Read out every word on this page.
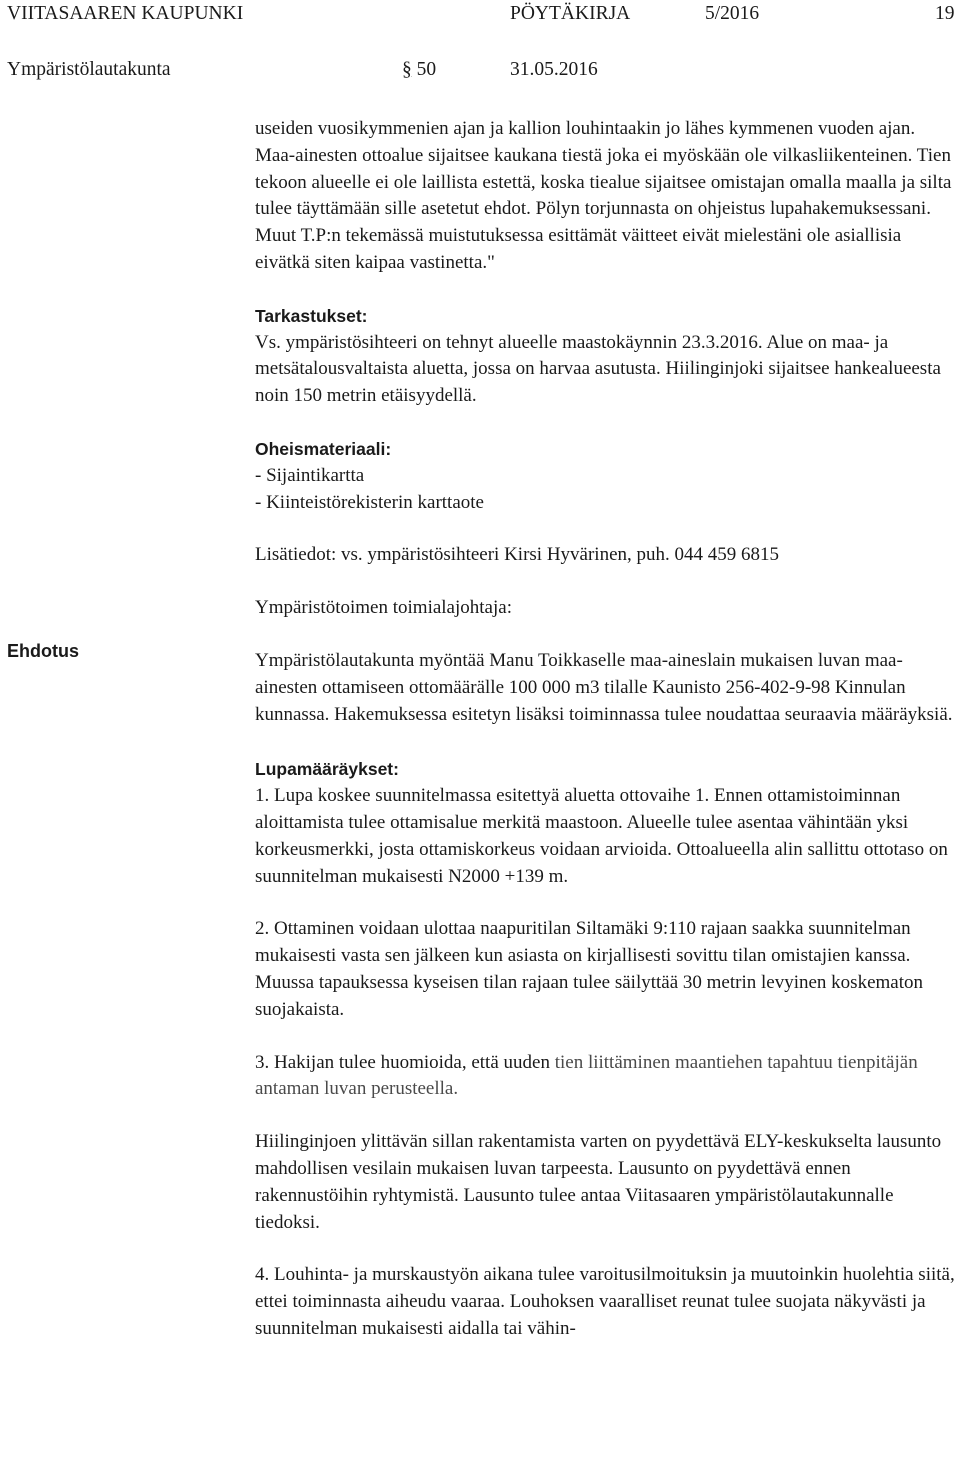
VIITASAAREN KAUPUNKI	PÖYTÄKIRJA	5/2016	19
Ympäristölautakunta	§ 50	31.05.2016
Ehdotus

useiden vuosikymmenien ajan ja kallion louhintaakin jo lähes kymmenen vuoden ajan. Maa-ainesten ottoalue sijaitsee kaukana tiestä joka ei myöskään ole vilkasliikenteinen. Tien tekoon alueelle ei ole laillista estettä, koska tiealue sijaitsee omistajan omalla maalla ja silta tulee täyttämään sille asetetut ehdot. Pölyn torjunnasta on ohjeistus lupahakemuksessani. Muut T.P:n tekemässä muistutuksessa esittämät väitteet eivät mielestäni ole asiallisia eivätkä siten kaipaa vastinetta."

Tarkastukset:

Vs. ympäristösihteeri on tehnyt alueelle maastokäynnin 23.3.2016. Alue on maa- ja metsätalousvaltaista aluetta, jossa on harvaa asutusta. Hiilinginjoki sijaitsee hankealueesta noin 150 metrin etäisyydellä.

Oheismateriaali:

- Sijaintikartta

- Kiinteistörekisterin karttaote

Lisätiedot: vs. ympäristösihteeri Kirsi Hyvärinen, puh. 044 459 6815

Ympäristötoimen toimialajohtaja:

Ympäristölautakunta myöntää Manu Toikkaselle maa-aineslain mukaisen luvan maa-ainesten ottamiseen ottomäärälle 100 000 m3 tilalle Kaunisto 256-402-9-98 Kinnulan kunnassa. Hakemuksessa esitetyn lisäksi toiminnassa tulee noudattaa seuraavia määräyksiä.

Lupamääräykset:

1. Lupa koskee suunnitelmassa esitettyä aluetta ottovaihe 1. Ennen ottamistoiminnan aloittamista tulee ottamisalue merkitä maastoon. Alueelle tulee asentaa vähintään yksi korkeusmerkki, josta ottamiskorkeus voidaan arvioida. Ottoalueella alin sallittu ottotaso on suunnitelman mukaisesti N2000 +139 m.

2. Ottaminen voidaan ulottaa naapuritilan Siltamäki 9:110 rajaan saakka suunnitelman mukaisesti vasta sen jälkeen kun asiasta on kirjallisesti sovittu tilan omistajien kanssa. Muussa tapauksessa kyseisen tilan rajaan tulee säilyttää 30 metrin levyinen koskematon suojakaista.

3. Hakijan tulee huomioida, että uuden tien liittäminen maantiehen tapahtuu tienpitäjän antaman luvan perusteella.

Hiilinginjoen ylittävän sillan rakentamista varten on pyydettävä ELY-keskukselta lausunto mahdollisen vesilain mukaisen luvan tarpeesta. Lausunto on pyydettävä ennen rakennustöihin ryhtymistä. Lausunto tulee antaa Viitasaaren ympäristölautakunnalle tiedoksi.

4. Louhinta- ja murskaustyön aikana tulee varoitusilmoituksin ja muutoinkin huolehtia siitä, ettei toiminnasta aiheudu vaaraa. Louhoksen vaaralliset reunat tulee suojata näkyvästi ja suunnitelman mukaisesti aidalla tai vähin-
